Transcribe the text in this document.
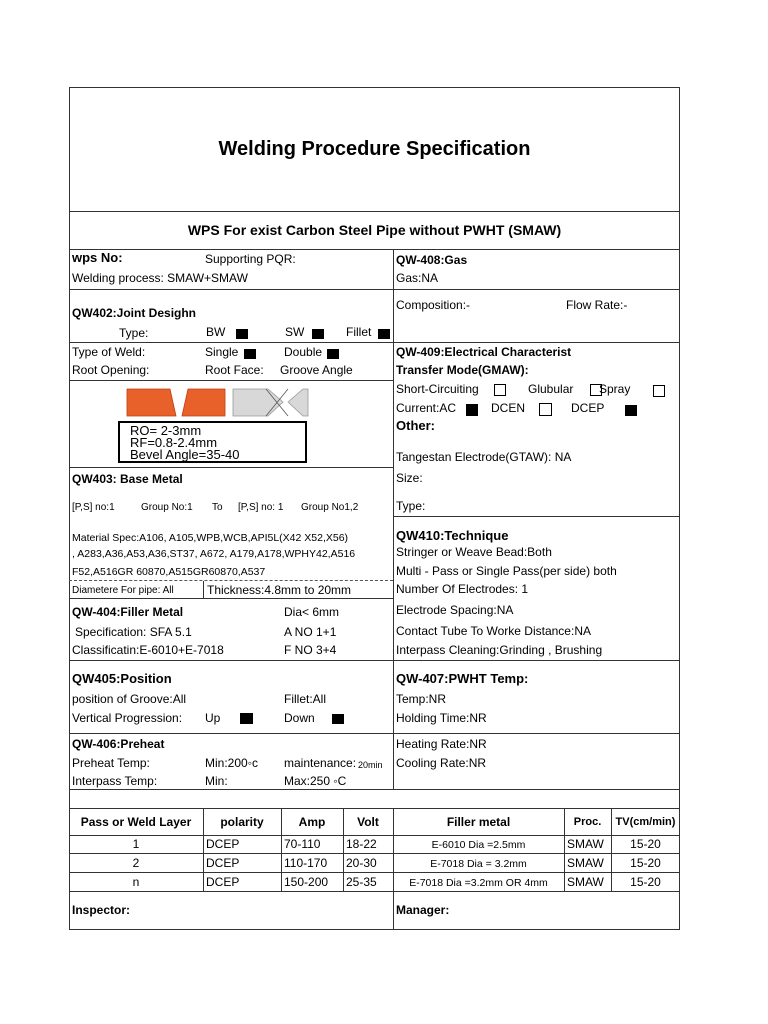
Welding Procedure Specification
WPS For exist Carbon Steel Pipe without PWHT (SMAW)
wps No:	Supporting PQR:
Welding process: SMAW+SMAW
QW402:Joint Desighn
Type:	BW	SW	Fillet
Type of Weld:	Single	Double
Root Opening:	Root Face: Groove Angle
RO= 2-3mm
RF=0.8-2.4mm
Bevel Angle=35-40
QW403: Base Metal
[P,S] no:1	Group No:1 To [P,S] no: 1 Group No1,2
Material Spec:A106, A105,WPB,WCB,API5L(X42 X52,X56)
, A283,A36,A53,A36,ST37, A672, A179,A178,WPHY42,A516
F52,A516GR 60870,A515GR60870,A537
Diametere For pipe: All	Thickness:4.8mm to 20mm
QW-404:Filler Metal	Dia< 6mm
Specification: SFA 5.1	A NO 1+1
Classificatin:E-6010+E-7018	F NO 3+4
QW405:Position
position of Groove:All	Fillet:All
Vertical Progression: Up	Down
QW-406:Preheat
Preheat Temp:	Min:200◦c maintenance: 20min
Interpass Temp:	Min:	Max:250 ◦C
QW-408:Gas
Gas:NA
Composition:-	Flow Rate:-
QW-409:Electrical Characterist
Transfer Mode(GMAW):
Short-Circuiting	Glubular Spray
Current:AC	DCEN	DCEP
Other:
Tangestan Electrode(GTAW): NA
Size:
Type:
QW410:Technique
Stringer or Weave Bead:Both
Multi - Pass or Single Pass(per side) both
Number Of Electrodes: 1
Electrode Spacing:NA
Contact Tube To Worke Distance:NA
Interpass Cleaning:Grinding , Brushing
QW-407:PWHT Temp:
Temp:NR
Holding Time:NR
Heating Rate:NR
Cooling Rate:NR
Pass or Weld Layer	polarity	Amp	Volt	Filler metal	Proc.	TV(cm/min)
1	DCEP	70-110 18-22	E-6010 Dia =2.5mm	SMAW	15-20
2	DCEP	110-170 20-30	E-7018 Dia = 3.2mm	SMAW	15-20
n	DCEP	150-200 25-35	E-7018 Dia =3.2mm OR 4mm	SMAW	15-20
Inspector:	Manager:
